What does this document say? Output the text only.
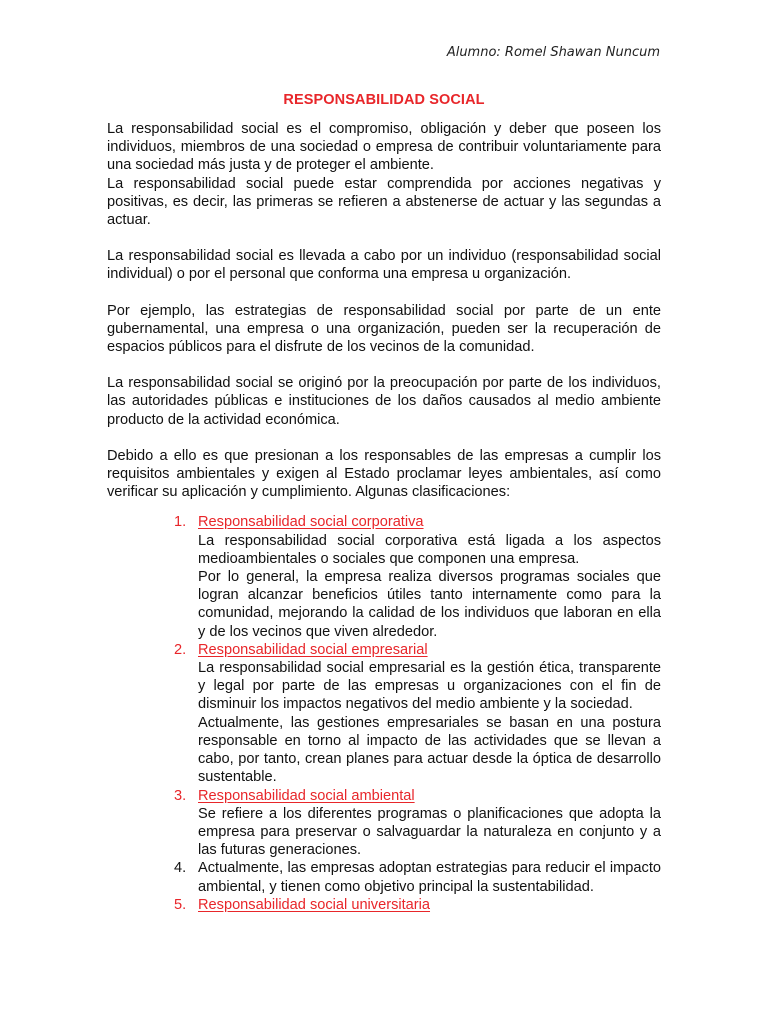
Alumno: Romel Shawan Nuncum
RESPONSABILIDAD SOCIAL

La responsabilidad social es el compromiso, obligación y deber que poseen los individuos, miembros de una sociedad o empresa de contribuir voluntariamente para una sociedad más justa y de proteger el ambiente.

La responsabilidad social puede estar comprendida por acciones negativas y positivas, es decir, las primeras se refieren a abstenerse de actuar y las segundas a actuar.

La responsabilidad social es llevada a cabo por un individuo (responsabilidad social individual) o por el personal que conforma una empresa u organización.

Por ejemplo, las estrategias de responsabilidad social por parte de un ente gubernamental, una empresa o una organización, pueden ser la recuperación de espacios públicos para el disfrute de los vecinos de la comunidad.

La responsabilidad social se originó por la preocupación por parte de los individuos, las autoridades públicas e instituciones de los daños causados al medio ambiente producto de la actividad económica.

Debido a ello es que presionan a los responsables de las empresas a cumplir los requisitos ambientales y exigen al Estado proclamar leyes ambientales, así como verificar su aplicación y cumplimiento. Algunas clasificaciones:

1. Responsabilidad social corporativa
La responsabilidad social corporativa está ligada a los aspectos medioambientales o sociales que componen una empresa.
Por lo general, la empresa realiza diversos programas sociales que logran alcanzar beneficios útiles tanto internamente como para la comunidad, mejorando la calidad de los individuos que laboran en ella y de los vecinos que viven alrededor.
2. Responsabilidad social empresarial
La responsabilidad social empresarial es la gestión ética, transparente y legal por parte de las empresas u organizaciones con el fin de disminuir los impactos negativos del medio ambiente y la sociedad.
Actualmente, las gestiones empresariales se basan en una postura responsable en torno al impacto de las actividades que se llevan a cabo, por tanto, crean planes para actuar desde la óptica de desarrollo sustentable.
3. Responsabilidad social ambiental
Se refiere a los diferentes programas o planificaciones que adopta la empresa para preservar o salvaguardar la naturaleza en conjunto y a las futuras generaciones.
4. Actualmente, las empresas adoptan estrategias para reducir el impacto ambiental, y tienen como objetivo principal la sustentabilidad.
5. Responsabilidad social universitaria
